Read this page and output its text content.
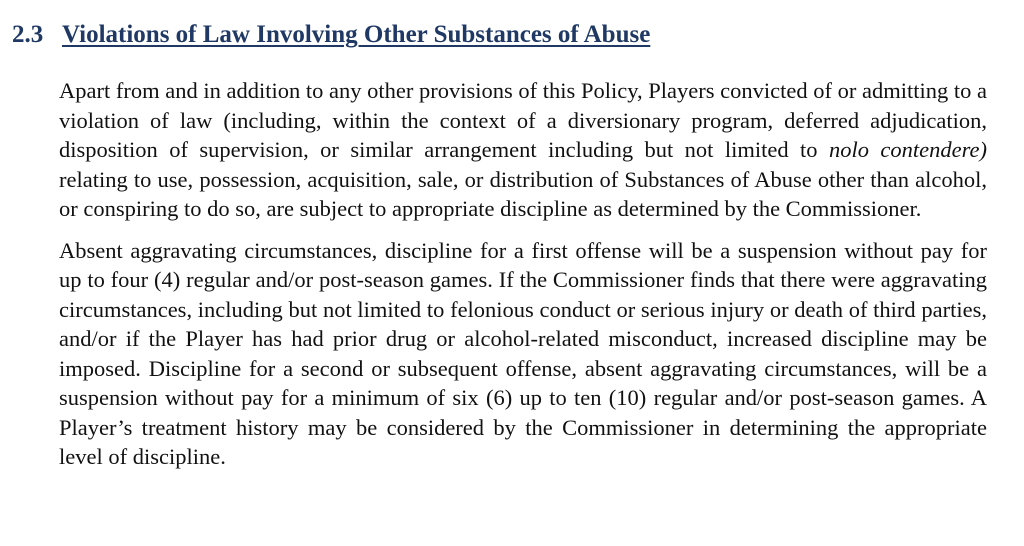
2.3 Violations of Law Involving Other Substances of Abuse

Apart from and in addition to any other provisions of this Policy, Players convicted of or admitting to a violation of law (including, within the context of a diversionary program, deferred adjudication, disposition of supervision, or similar arrangement including but not limited to nolo contendere) relating to use, possession, acquisition, sale, or distribution of Substances of Abuse other than alcohol, or conspiring to do so, are subject to appropriate discipline as determined by the Commissioner.

Absent aggravating circumstances, discipline for a first offense will be a suspension without pay for up to four (4) regular and/or post-season games. If the Commissioner finds that there were aggravating circumstances, including but not limited to felonious conduct or serious injury or death of third parties, and/or if the Player has had prior drug or alcohol-related misconduct, increased discipline may be imposed. Discipline for a second or subsequent offense, absent aggravating circumstances, will be a suspension without pay for a minimum of six (6) up to ten (10) regular and/or post-season games. A Player’s treatment history may be considered by the Commissioner in determining the appropriate level of discipline.
